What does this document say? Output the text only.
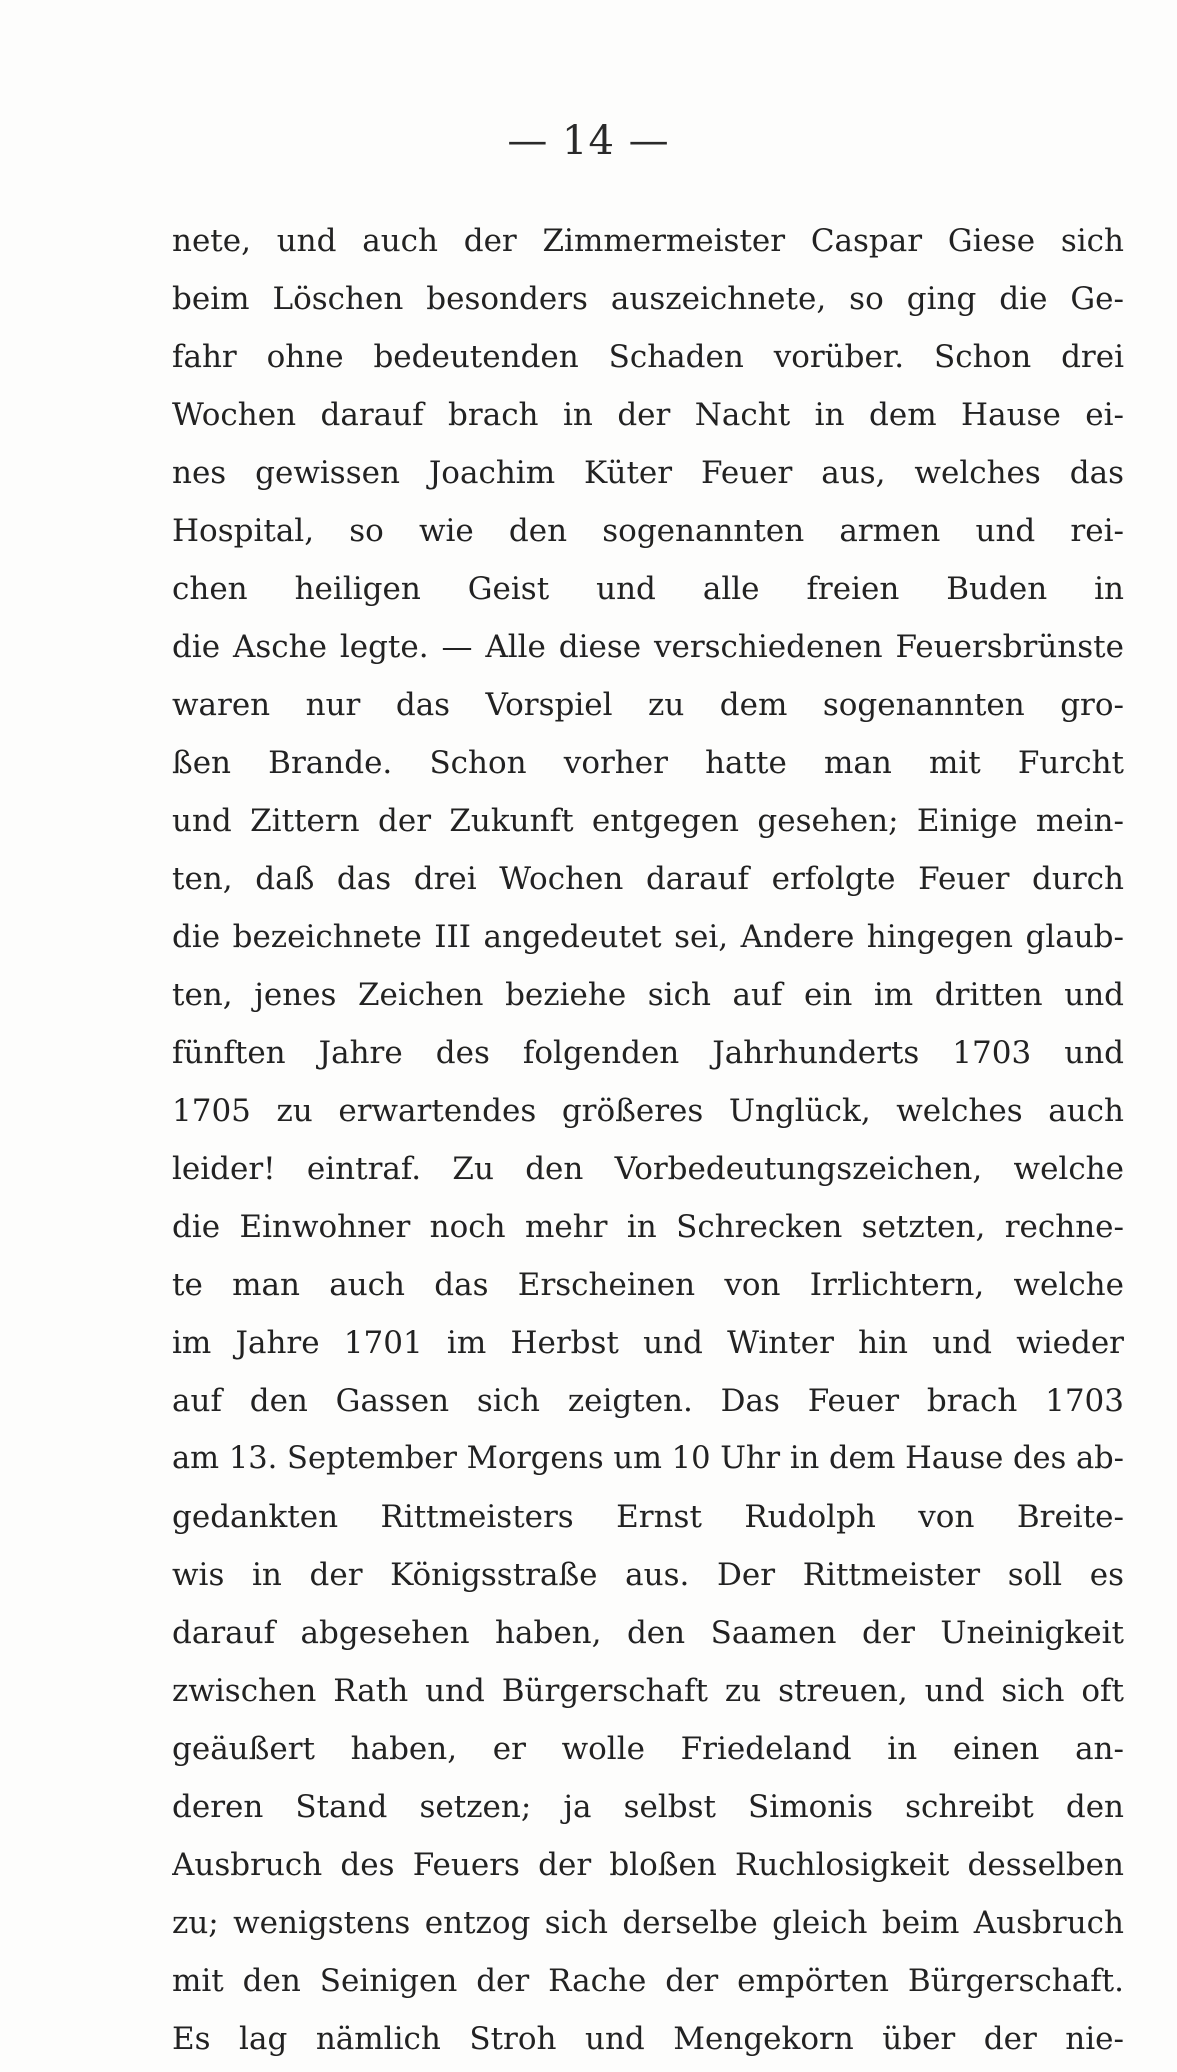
— 14 —
nete, und auch der Zimmermeister Caspar Giese sich
beim Löschen besonders auszeichnete, so ging die Ge-
fahr ohne bedeutenden Schaden vorüber. Schon drei
Wochen darauf brach in der Nacht in dem Hause ei-
nes gewissen Joachim Küter Feuer aus, welches das
Hospital, so wie den sogenannten armen und rei-
chen heiligen Geist und alle freien Buden in
die Asche legte. — Alle diese verschiedenen Feuersbrünste
waren nur das Vorspiel zu dem sogenannten gro-
ßen Brande. Schon vorher hatte man mit Furcht
und Zittern der Zukunft entgegen gesehen; Einige mein-
ten, daß das drei Wochen darauf erfolgte Feuer durch
die bezeichnete III angedeutet sei, Andere hingegen glaub-
ten, jenes Zeichen beziehe sich auf ein im dritten und
fünften Jahre des folgenden Jahrhunderts 1703 und
1705 zu erwartendes größeres Unglück, welches auch
leider! eintraf. Zu den Vorbedeutungszeichen, welche
die Einwohner noch mehr in Schrecken setzten, rechne-
te man auch das Erscheinen von Irrlichtern, welche
im Jahre 1701 im Herbst und Winter hin und wieder
auf den Gassen sich zeigten. Das Feuer brach 1703
am 13. September Morgens um 10 Uhr in dem Hause des ab-
gedankten Rittmeisters Ernst Rudolph von Breite-
wis in der Königsstraße aus. Der Rittmeister soll es
darauf abgesehen haben, den Saamen der Uneinigkeit
zwischen Rath und Bürgerschaft zu streuen, und sich oft
geäußert haben, er wolle Friedeland in einen an-
deren Stand setzen; ja selbst Simonis schreibt den
Ausbruch des Feuers der bloßen Ruchlosigkeit desselben
zu; wenigstens entzog sich derselbe gleich beim Ausbruch
mit den Seinigen der Rache der empörten Bürgerschaft.
Es lag nämlich Stroh und Mengekorn über der nie-
